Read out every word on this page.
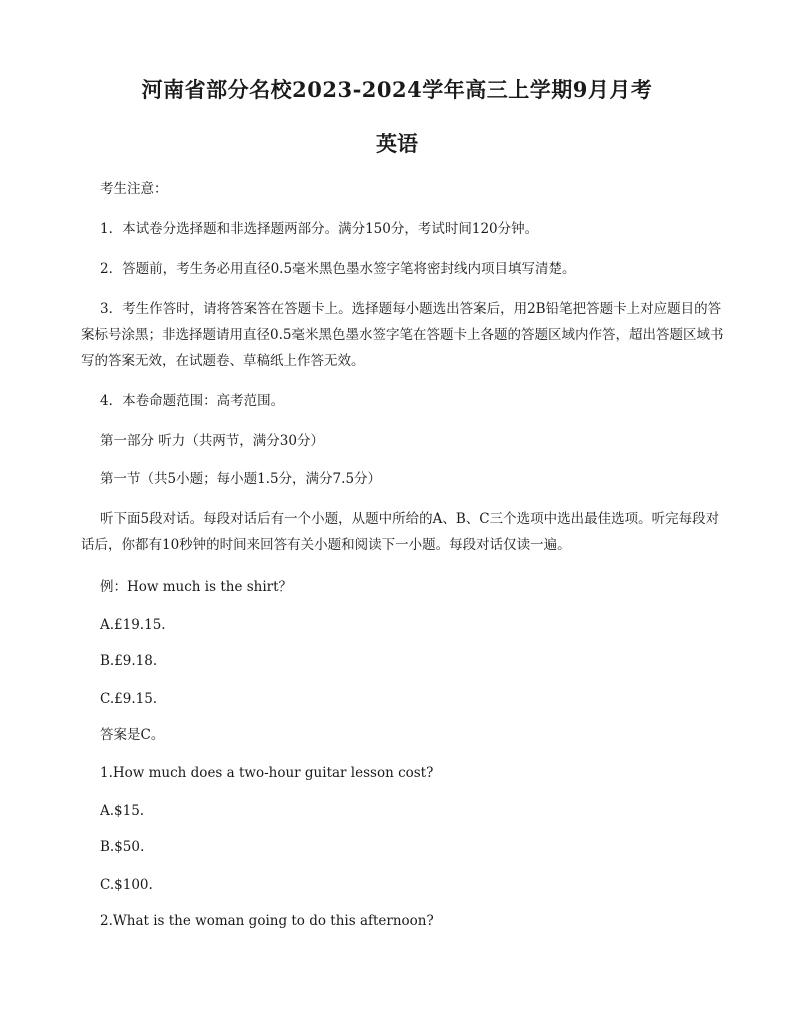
河南省部分名校2023-2024学年高三上学期9月月考
英语

考生注意：

1．本试卷分选择题和非选择题两部分。满分150分，考试时间120分钟。

2．答题前，考生务必用直径0.5毫米黑色墨水签字笔将密封线内项目填写清楚。

3．考生作答时，请将答案答在答题卡上。选择题每小题选出答案后，用2B铅笔把答题卡上对应题目的答
案标号涂黑；非选择题请用直径0.5毫米黑色墨水签字笔在答题卡上各题的答题区域内作答，超出答题区域书
写的答案无效，在试题卷、草稿纸上作答无效。

4．本卷命题范围：高考范围。

第一部分 听力（共两节，满分30分）

第一节（共5小题；每小题1.5分，满分7.5分）

听下面5段对话。每段对话后有一个小题，从题中所给的A、B、C三个选项中选出最佳选项。听完每段对
话后，你都有10秒钟的时间来回答有关小题和阅读下一小题。每段对话仅读一遍。

例：How much is the shirt？

A.£19.15.

B.£9.18.

C.£9.15.

答案是C。

1.How much does a two-hour guitar lesson cost?

A.$15.

B.$50.

C.$100.

2.What is the woman going to do this afternoon?
